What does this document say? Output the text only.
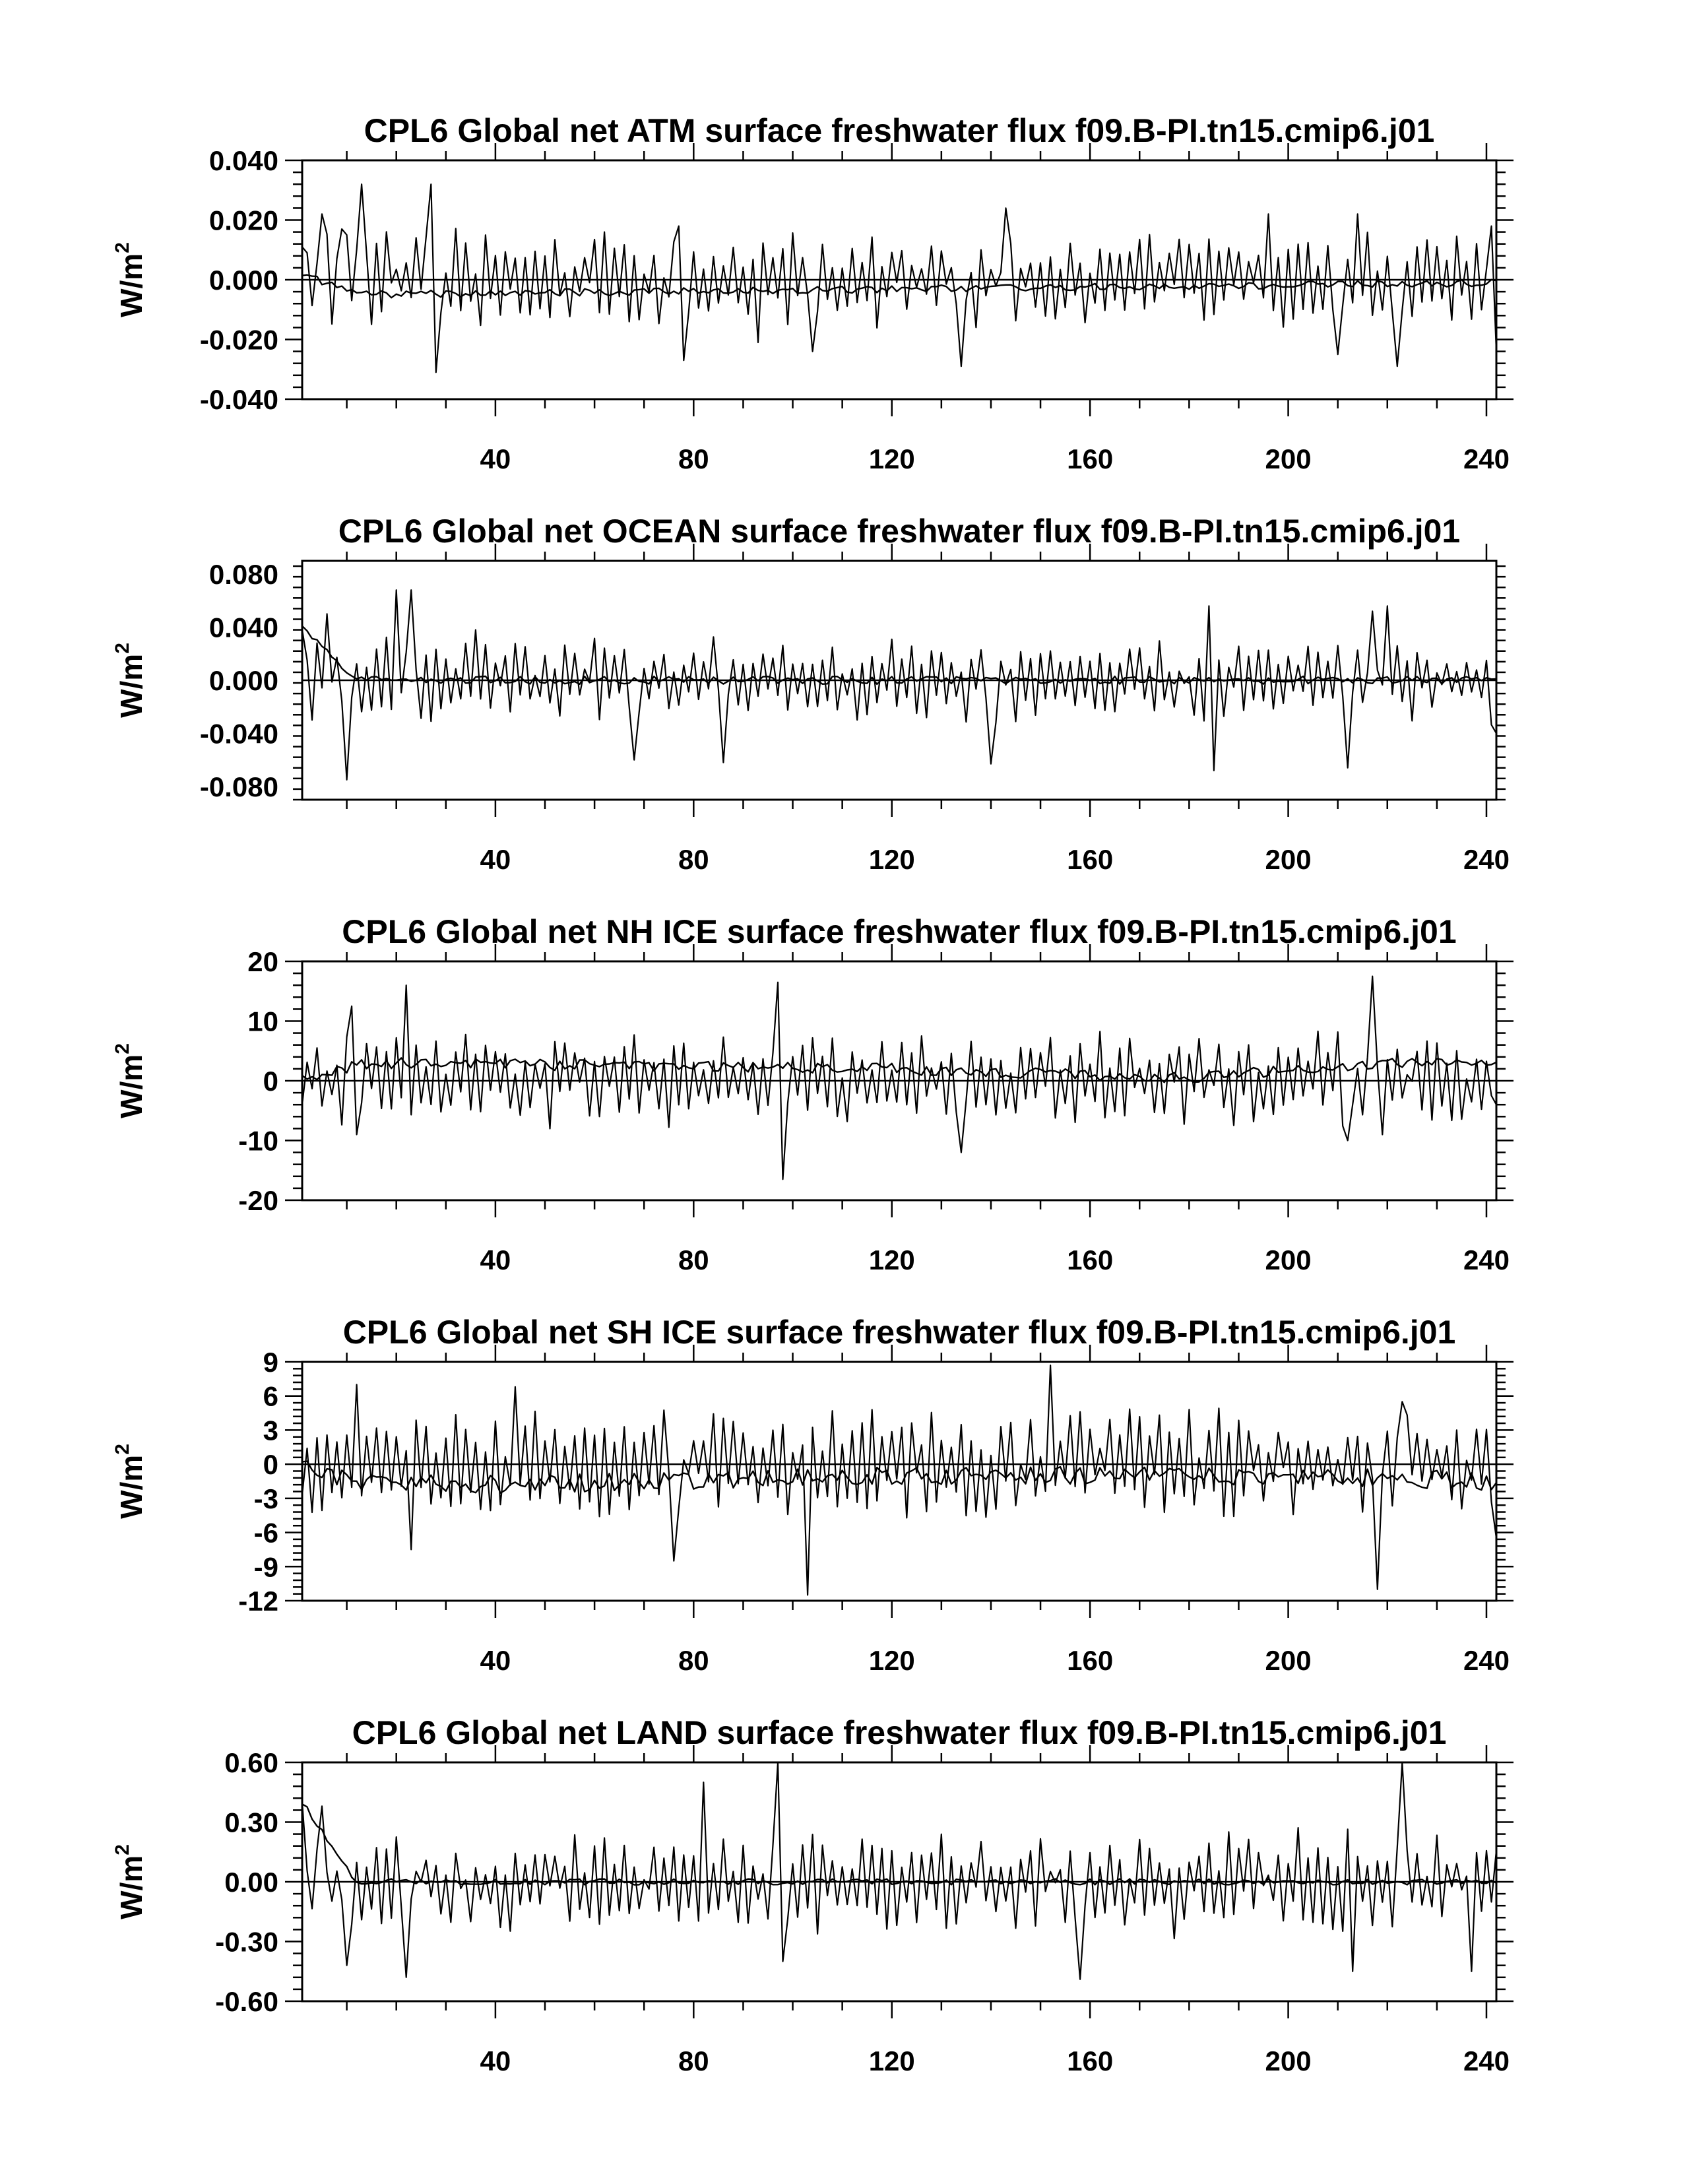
CPL6 Global net ATM surface freshwater flux f09.B-PI.tn15.cmip6.j01
-0.040
-0.020
0.000
0.020
0.040
40	80	120	160	200	240
$W/m^2$
CPL6 Global net OCEAN surface freshwater flux f09.B-PI.tn15.cmip6.j01
-0.080
-0.040
0.000
0.040
0.080
40	80	120	160	200	240
$W/m^2$
CPL6 Global net NH ICE surface freshwater flux f09.B-PI.tn15.cmip6.j01
-20
-10
0
10
20
40	80	120	160	200	240
$W/m^2$
CPL6 Global net SH ICE surface freshwater flux f09.B-PI.tn15.cmip6.j01
-12
-9
-6
-3
0
3
6
9
40	80	120	160	200	240
$W/m^2$
CPL6 Global net LAND surface freshwater flux f09.B-PI.tn15.cmip6.j01
-0.60
-0.30
0.00
0.30
0.60
40	80	120	160	200	240
$W/m^2$
